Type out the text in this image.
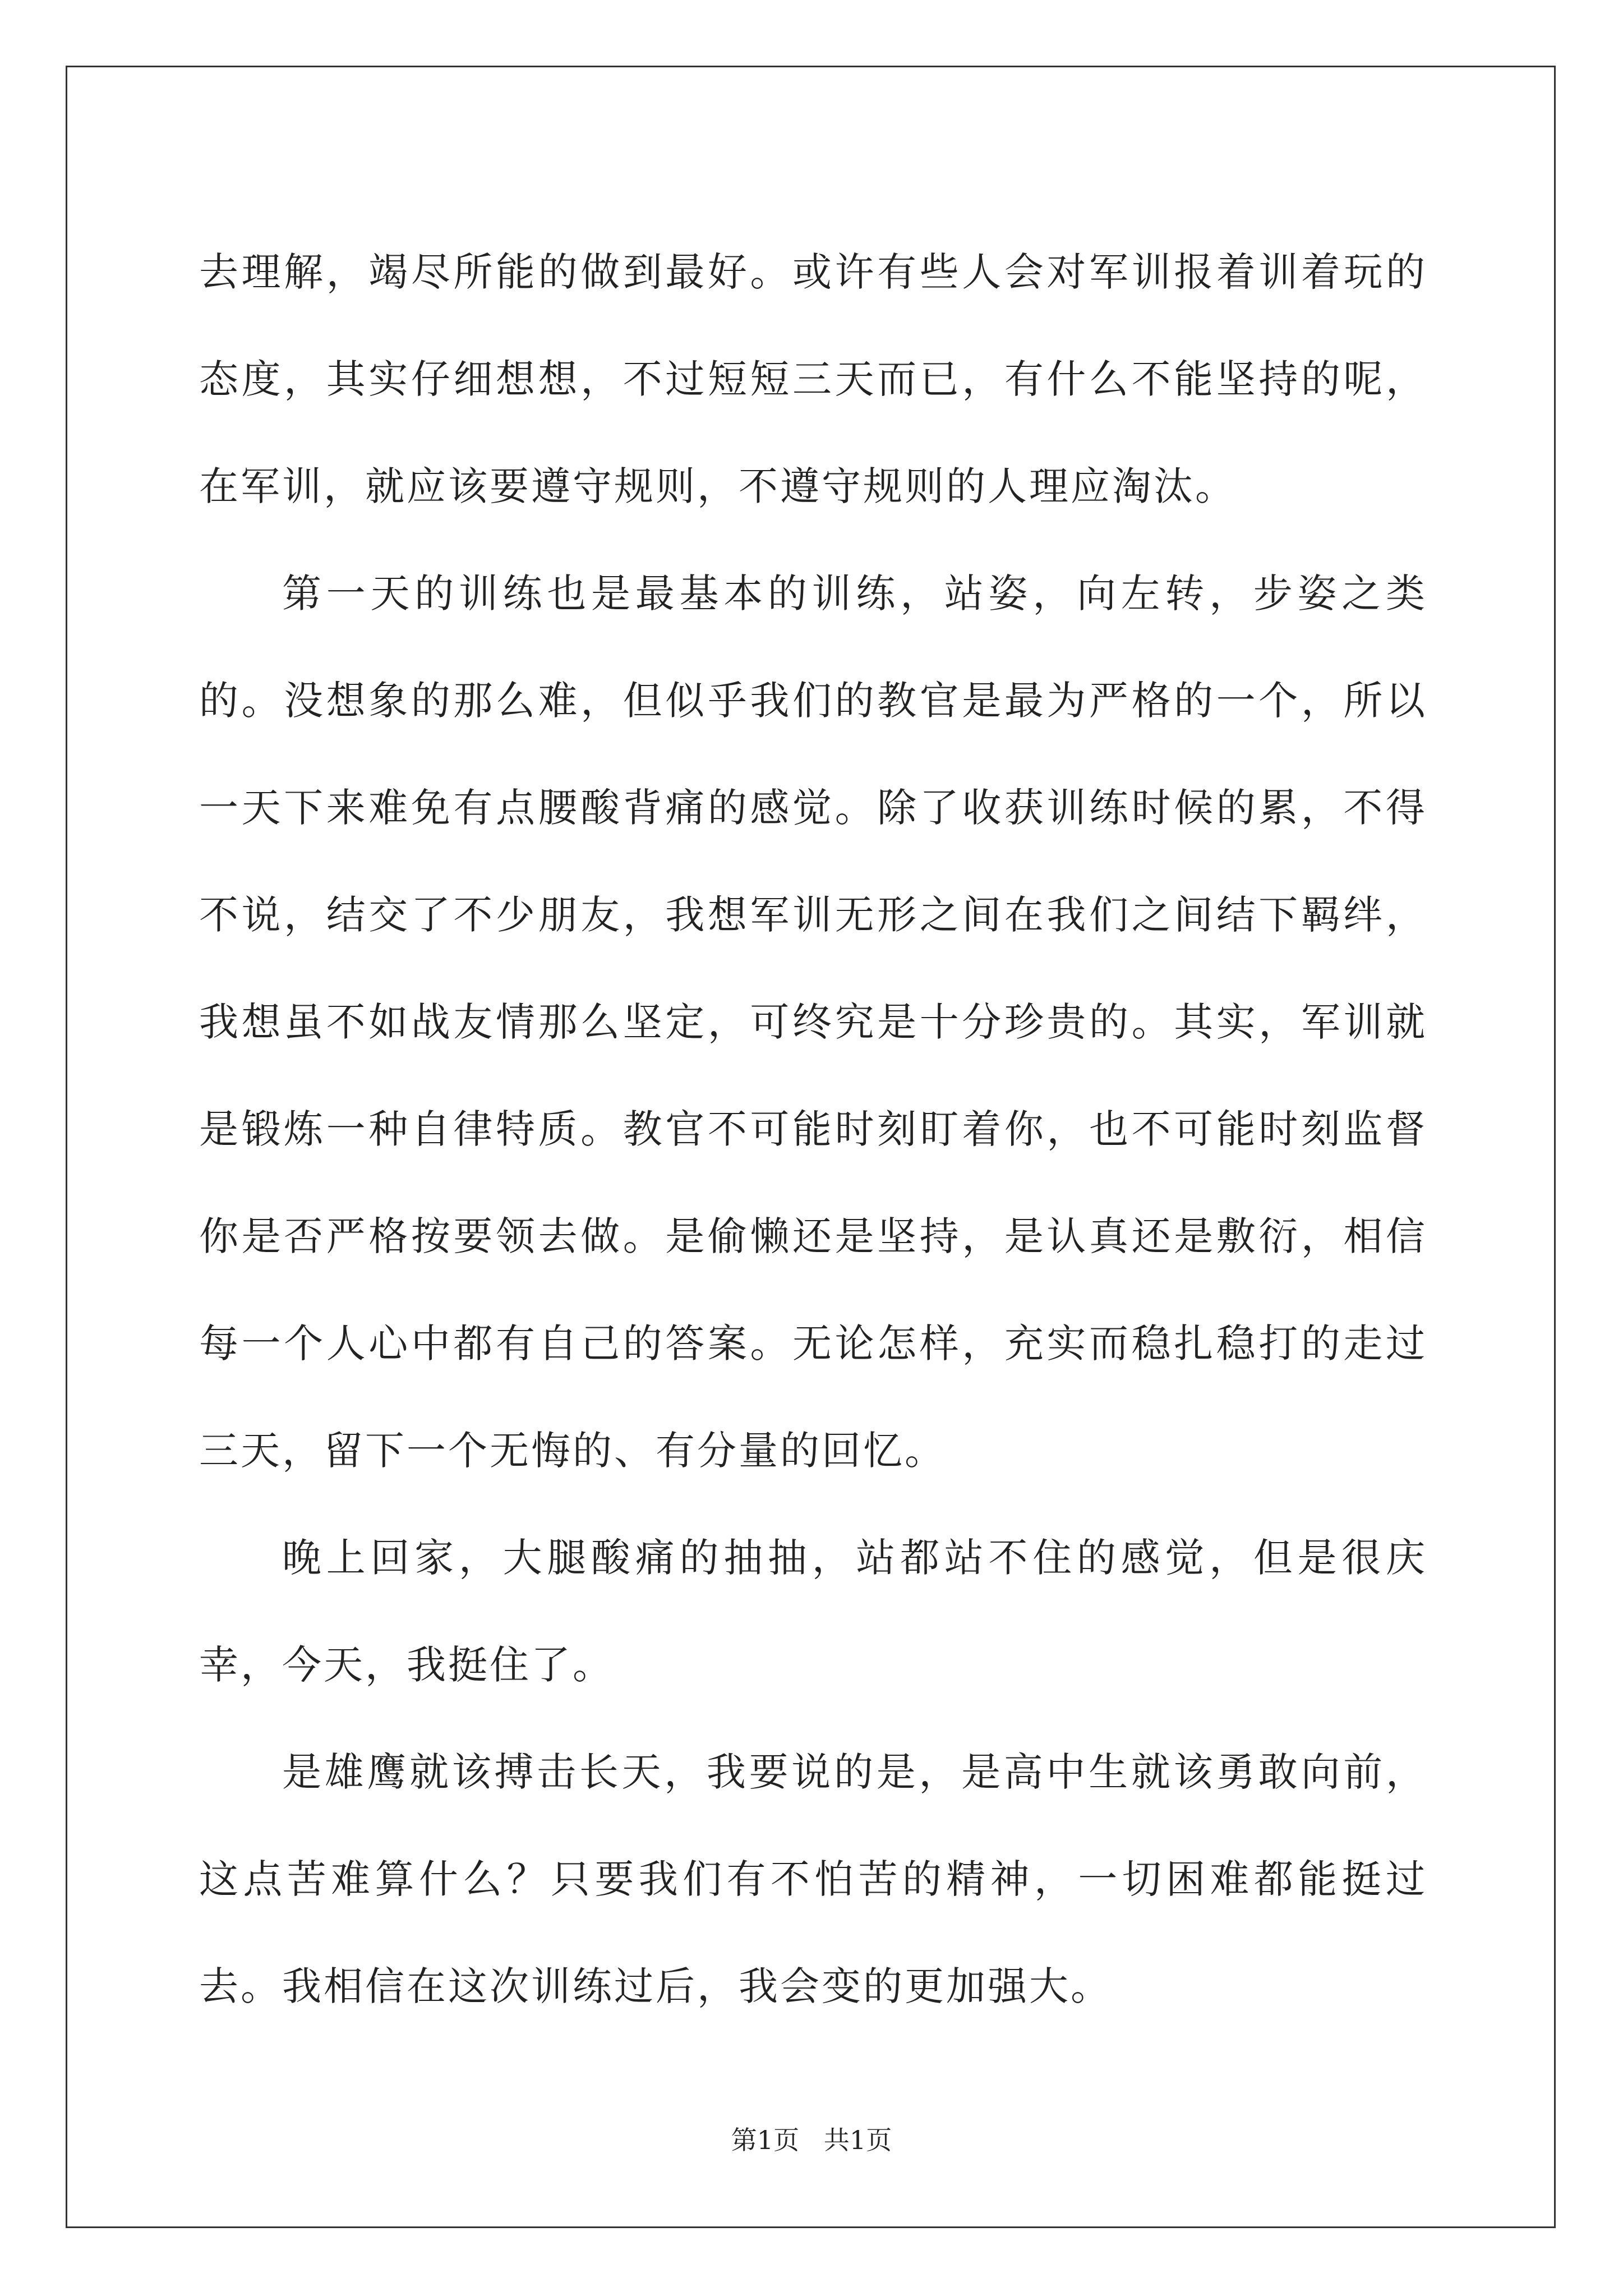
去理解，竭尽所能的做到最好。或许有些人会对军训报着训着玩的态度，其实仔细想想，不过短短三天而已，有什么不能坚持的呢，在军训，就应该要遵守规则，不遵守规则的人理应淘汰。

第一天的训练也是最基本的训练，站姿，向左转，步姿之类的。没想象的那么难，但似乎我们的教官是最为严格的一个，所以一天下来难免有点腰酸背痛的感觉。除了收获训练时候的累，不得不说，结交了不少朋友，我想军训无形之间在我们之间结下羁绊，我想虽不如战友情那么坚定，可终究是十分珍贵的。其实，军训就是锻炼一种自律特质。教官不可能时刻盯着你，也不可能时刻监督你是否严格按要领去做。是偷懒还是坚持，是认真还是敷衍，相信每一个人心中都有自己的答案。无论怎样，充实而稳扎稳打的走过三天，留下一个无悔的、有分量的回忆。

晚上回家，大腿酸痛的抽抽，站都站不住的感觉，但是很庆幸，今天，我挺住了。

是雄鹰就该搏击长天，我要说的是，是高中生就该勇敢向前，这点苦难算什么？只要我们有不怕苦的精神，一切困难都能挺过去。我相信在这次训练过后，我会变的更加强大。

第1页   共1页
